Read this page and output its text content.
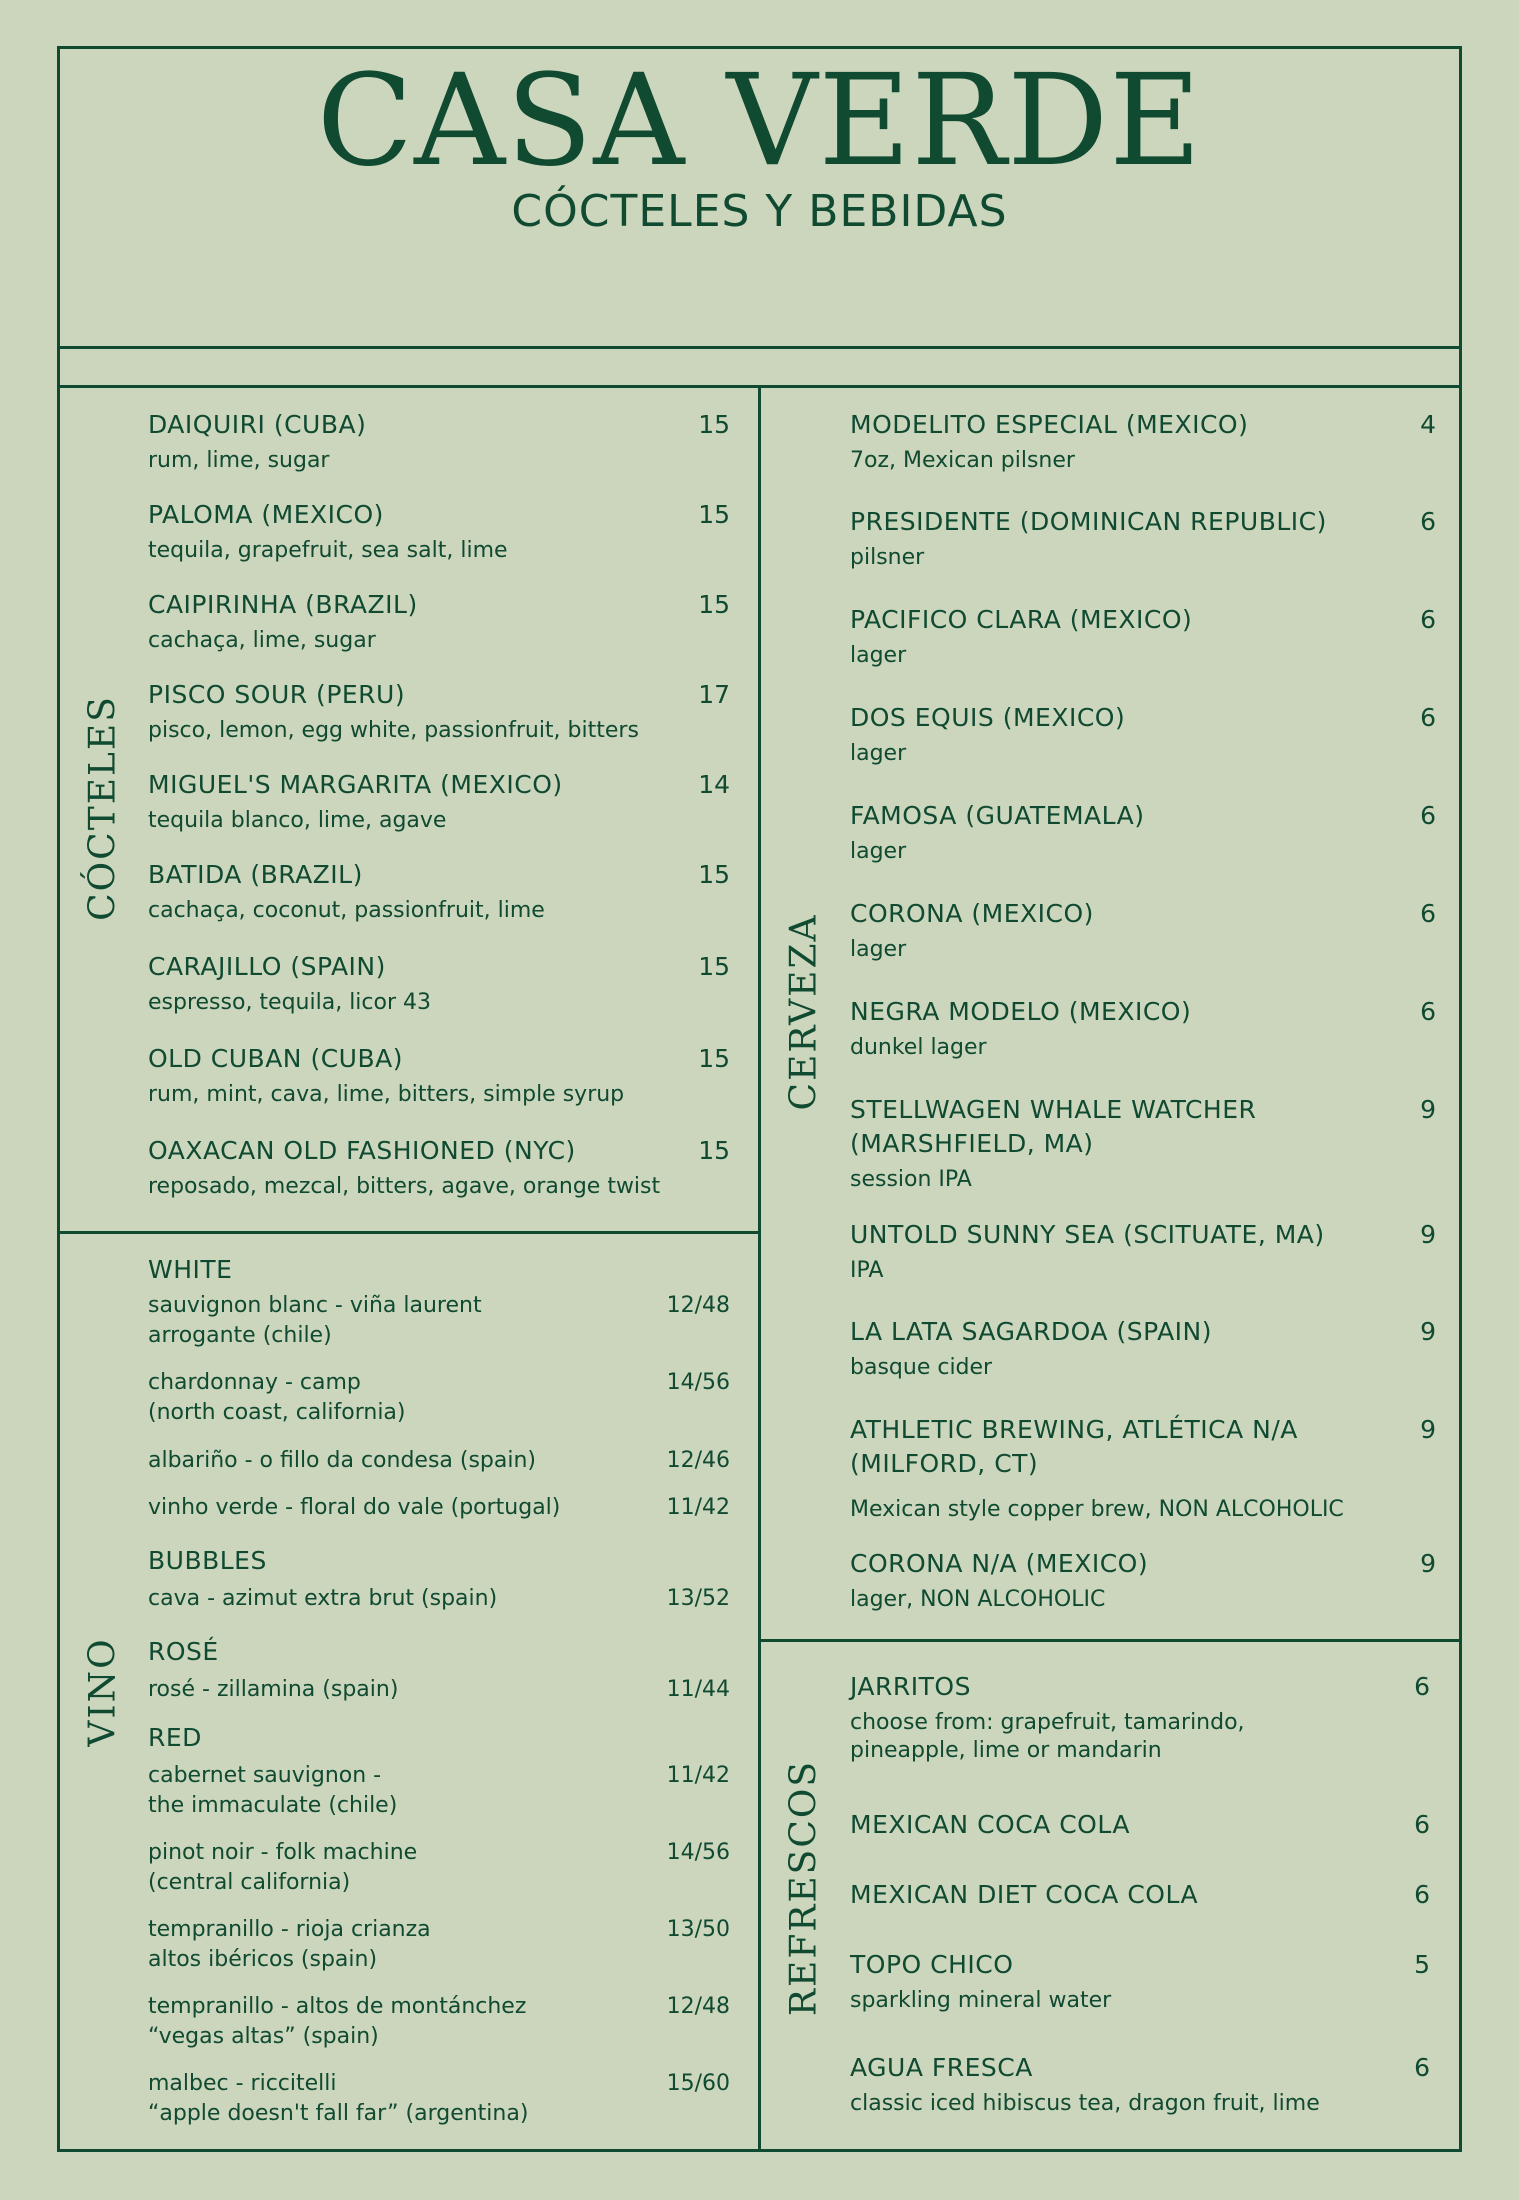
CASA VERDE
CÓCTELES Y BEBIDAS
CÓCTELES
VINO
CERVEZA
REFRESCOS
DAIQUIRI (CUBA)
rum, lime, sugar
15
PALOMA (MEXICO)
tequila, grapefruit, sea salt, lime
15
CAIPIRINHA (BRAZIL)
cachaça, lime, sugar
15
PISCO SOUR (PERU)
pisco, lemon, egg white, passionfruit, bitters
17
MIGUEL'S MARGARITA (MEXICO)
tequila blanco, lime, agave
14
BATIDA (BRAZIL)
cachaça, coconut, passionfruit, lime
15
CARAJILLO (SPAIN)
espresso, tequila, licor 43
15
OLD CUBAN (CUBA)
rum, mint, cava, lime, bitters, simple syrup
15
OAXACAN OLD FASHIONED (NYC)
reposado, mezcal, bitters, agave, orange twist
15
WHITE
sauvignon blanc - viña laurent
arrogante (chile)
12/48
chardonnay - camp
(north coast, california)
14/56
albariño - o fillo da condesa (spain)	12/46
vinho verde - floral do vale (portugal)	11/42
BUBBLES
cava - azimut extra brut (spain)	13/52
ROSÉ
rosé - zillamina (spain)	11/44
RED
cabernet sauvignon -
the immaculate (chile)
11/42
pinot noir - folk machine
(central california)
14/56
tempranillo - rioja crianza
altos ibéricos (spain)
13/50
tempranillo - altos de montánchez
“vegas altas” (spain)
12/48
malbec - riccitelli
“apple doesn't fall far” (argentina)
15/60
MODELITO ESPECIAL (MEXICO)
7oz, Mexican pilsner
4
PRESIDENTE (DOMINICAN REPUBLIC)
pilsner
6
PACIFICO CLARA (MEXICO)
lager
6
DOS EQUIS (MEXICO)
lager
6
FAMOSA (GUATEMALA)
lager
6
CORONA (MEXICO)
lager
6
NEGRA MODELO (MEXICO)
dunkel lager
6
STELLWAGEN WHALE WATCHER
(MARSHFIELD, MA)
session IPA
9
UNTOLD SUNNY SEA (SCITUATE, MA)
IPA
9
LA LATA SAGARDOA (SPAIN)
basque cider
9
ATHLETIC BREWING, ATLÉTICA N/A
(MILFORD, CT)
Mexican style copper brew, NON ALCOHOLIC
9
CORONA N/A (MEXICO)
lager, NON ALCOHOLIC
9
JARRITOS
choose from: grapefruit, tamarindo,
pineapple, lime or mandarin
6
MEXICAN COCA COLA	6
MEXICAN DIET COCA COLA	6
TOPO CHICO
sparkling mineral water
5
AGUA FRESCA
classic iced hibiscus tea, dragon fruit, lime
6
